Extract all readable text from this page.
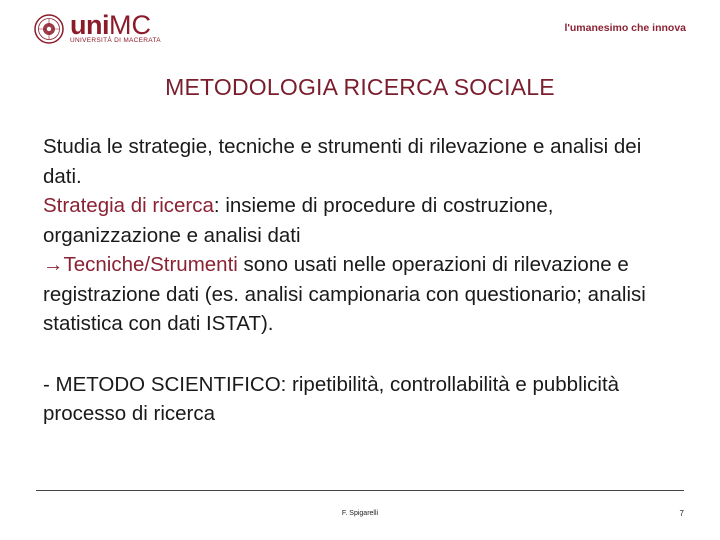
uniMC
UNIVERSITÀ DI MACERATA
l'umanesimo che innova
METODOLOGIA RICERCA SOCIALE

Studia le strategie, tecniche e strumenti di rilevazione e analisi dei dati.

Strategia di ricerca: insieme di procedure di costruzione, organizzazione e analisi dati

→Tecniche/Strumenti sono usati nelle operazioni di rilevazione e registrazione dati (es. analisi campionaria con questionario; analisi statistica con dati ISTAT).

- METODO SCIENTIFICO: ripetibilità, controllabilità e pubblicità processo di ricerca

F. Spigarelli	7
